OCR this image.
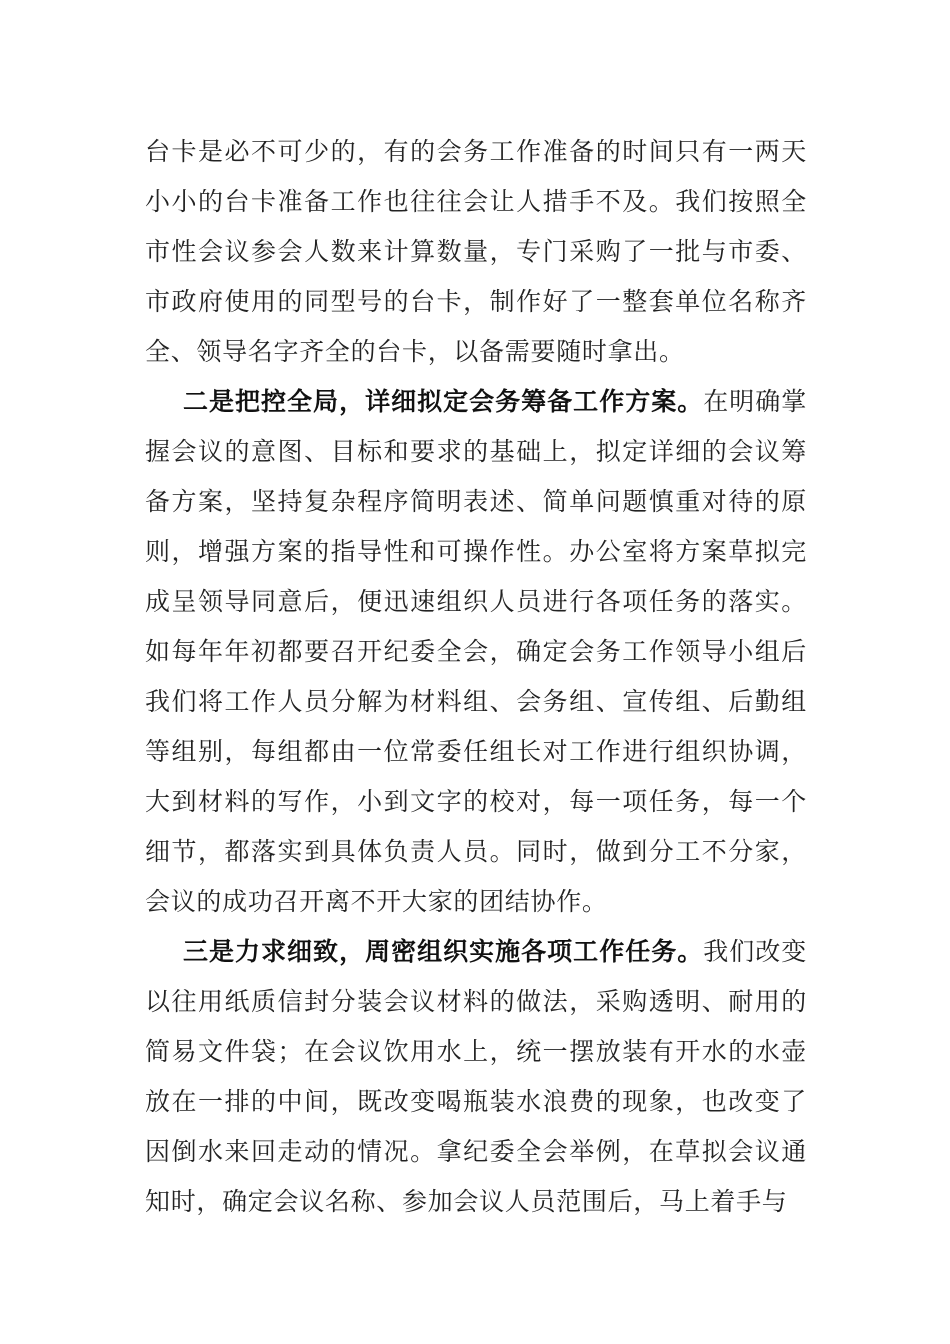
台卡是必不可少的，有的会务工作准备的时间只有一两天小小的台卡准备工作也往往会让人措手不及。我们按照全市性会议参会人数来计算数量，专门采购了一批与市委、市政府使用的同型号的台卡，制作好了一整套单位名称齐全、领导名字齐全的台卡，以备需要随时拿出。

二是把控全局，详细拟定会务筹备工作方案。在明确掌握会议的意图、目标和要求的基础上，拟定详细的会议筹备方案，坚持复杂程序简明表述、简单问题慎重对待的原则，增强方案的指导性和可操作性。办公室将方案草拟完成呈领导同意后，便迅速组织人员进行各项任务的落实。如每年年初都要召开纪委全会，确定会务工作领导小组后我们将工作人员分解为材料组、会务组、宣传组、后勤组等组别，每组都由一位常委任组长对工作进行组织协调，大到材料的写作，小到文字的校对，每一项任务，每一个细节，都落实到具体负责人员。同时，做到分工不分家，会议的成功召开离不开大家的团结协作。

三是力求细致，周密组织实施各项工作任务。我们改变以往用纸质信封分装会议材料的做法，采购透明、耐用的简易文件袋；在会议饮用水上，统一摆放装有开水的水壶放在一排的中间，既改变喝瓶装水浪费的现象，也改变了因倒水来回走动的情况。拿纪委全会举例，在草拟会议通知时，确定会议名称、参加会议人员范围后，马上着手与
